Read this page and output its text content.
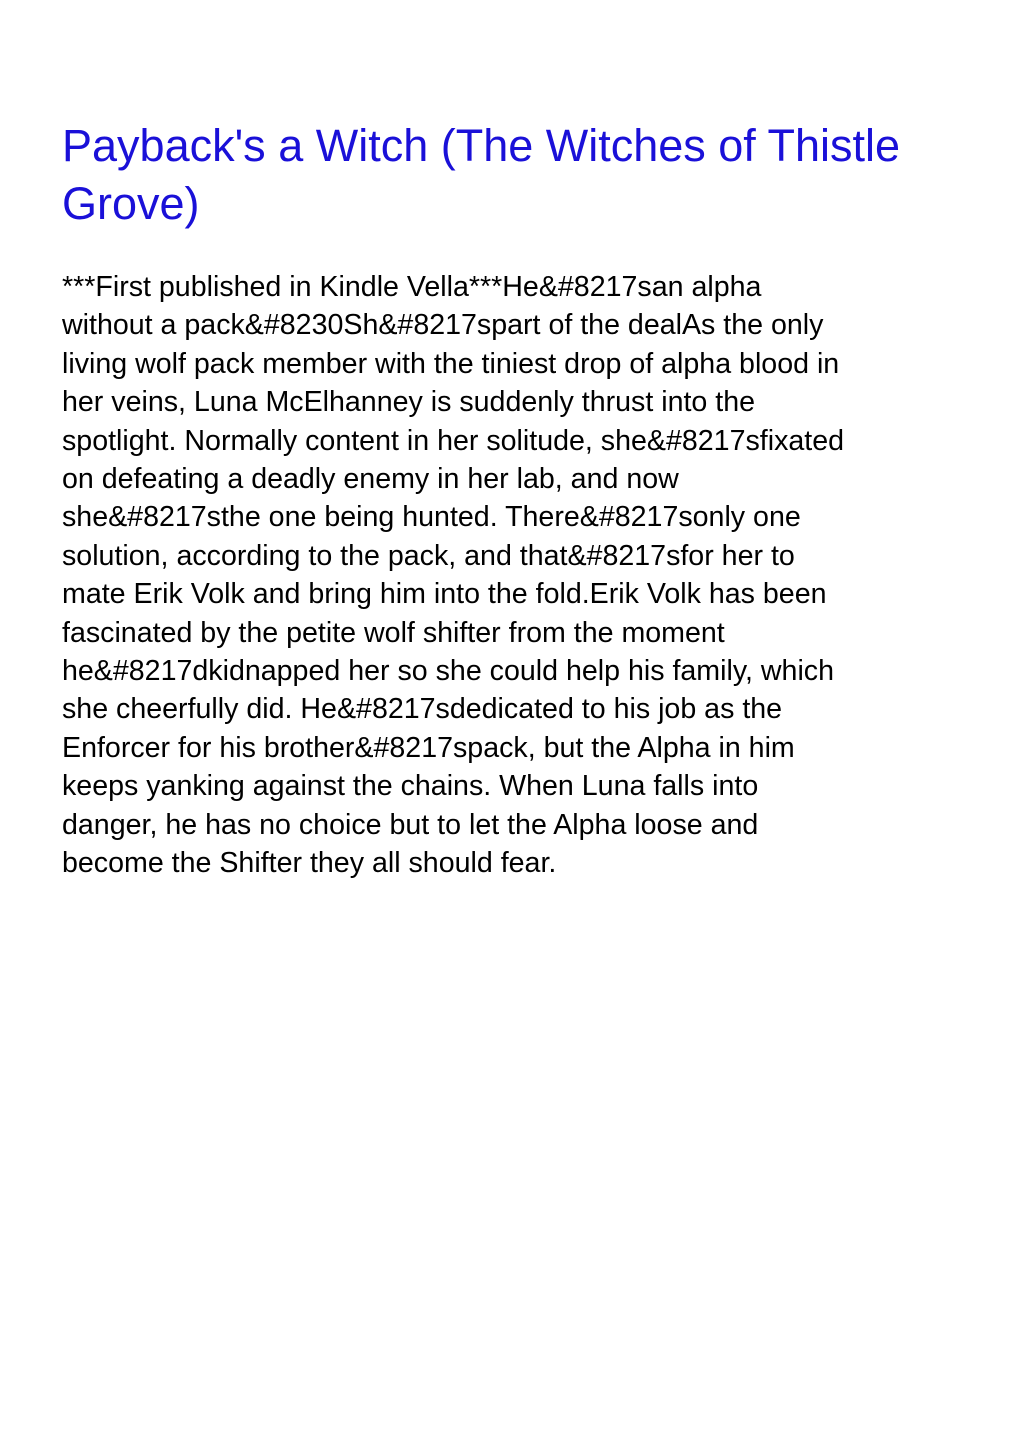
Payback's a Witch (The Witches of Thistle
Grove)
***First published in Kindle Vella***He&#8217san alpha
without a pack&#8230Sh&#8217spart of the dealAs the only
living wolf pack member with the tiniest drop of alpha blood in
her veins, Luna McElhanney is suddenly thrust into the
spotlight. Normally content in her solitude, she&#8217sfixated
on defeating a deadly enemy in her lab, and now
she&#8217sthe one being hunted. There&#8217sonly one
solution, according to the pack, and that&#8217sfor her to
mate Erik Volk and bring him into the fold.Erik Volk has been
fascinated by the petite wolf shifter from the moment
he&#8217dkidnapped her so she could help his family, which
she cheerfully did. He&#8217sdedicated to his job as the
Enforcer for his brother&#8217spack, but the Alpha in him
keeps yanking against the chains. When Luna falls into
danger, he has no choice but to let the Alpha loose and
become the Shifter they all should fear.
